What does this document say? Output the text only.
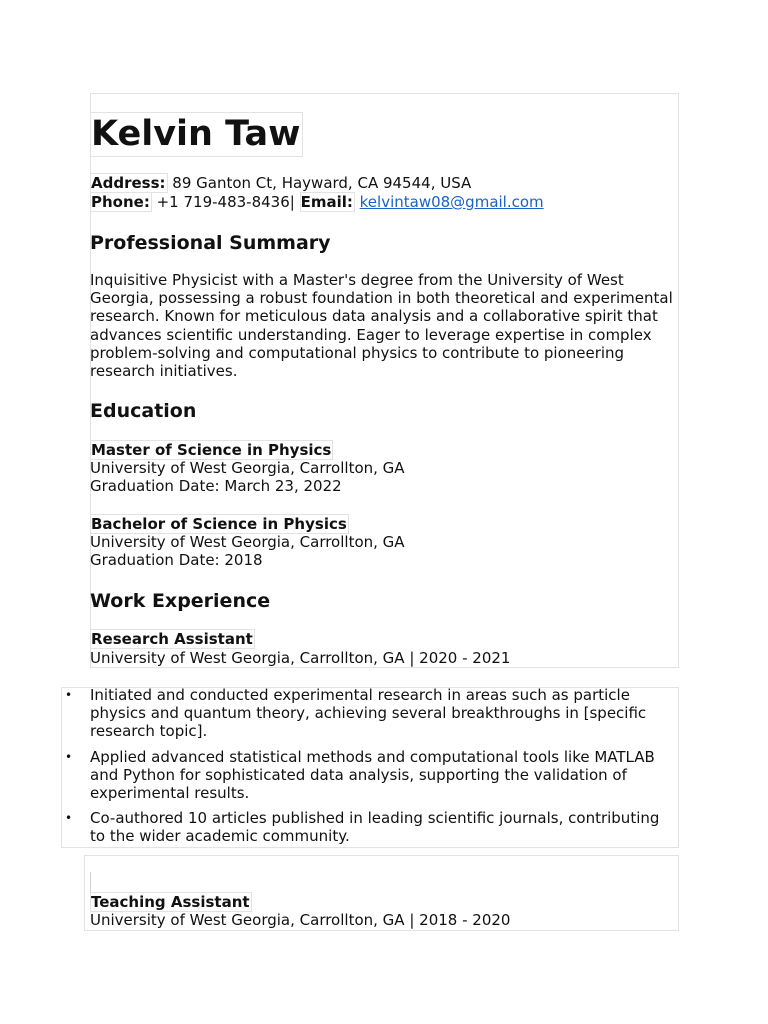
Kelvin Taw
Address: 89 Ganton Ct, Hayward, CA 94544, USA
Phone: +1 719-483-8436| Email: kelvintaw08@gmail.com
Professional Summary
Inquisitive Physicist with a Master's degree from the University of West Georgia, possessing a robust foundation in both theoretical and experimental research. Known for meticulous data analysis and a collaborative spirit that advances scientific understanding. Eager to leverage expertise in complex problem-solving and computational physics to contribute to pioneering research initiatives.
Education
Master of Science in Physics
University of West Georgia, Carrollton, GA
Graduation Date: March 23, 2022
Bachelor of Science in Physics
University of West Georgia, Carrollton, GA
Graduation Date: 2018
Work Experience
Research Assistant
University of West Georgia, Carrollton, GA | 2020 - 2021
• Initiated and conducted experimental research in areas such as particle physics and quantum theory, achieving several breakthroughs in [specific research topic].
• Applied advanced statistical methods and computational tools like MATLAB and Python for sophisticated data analysis, supporting the validation of experimental results.
• Co-authored 10 articles published in leading scientific journals, contributing to the wider academic community.
Teaching Assistant
University of West Georgia, Carrollton, GA | 2018 - 2020
